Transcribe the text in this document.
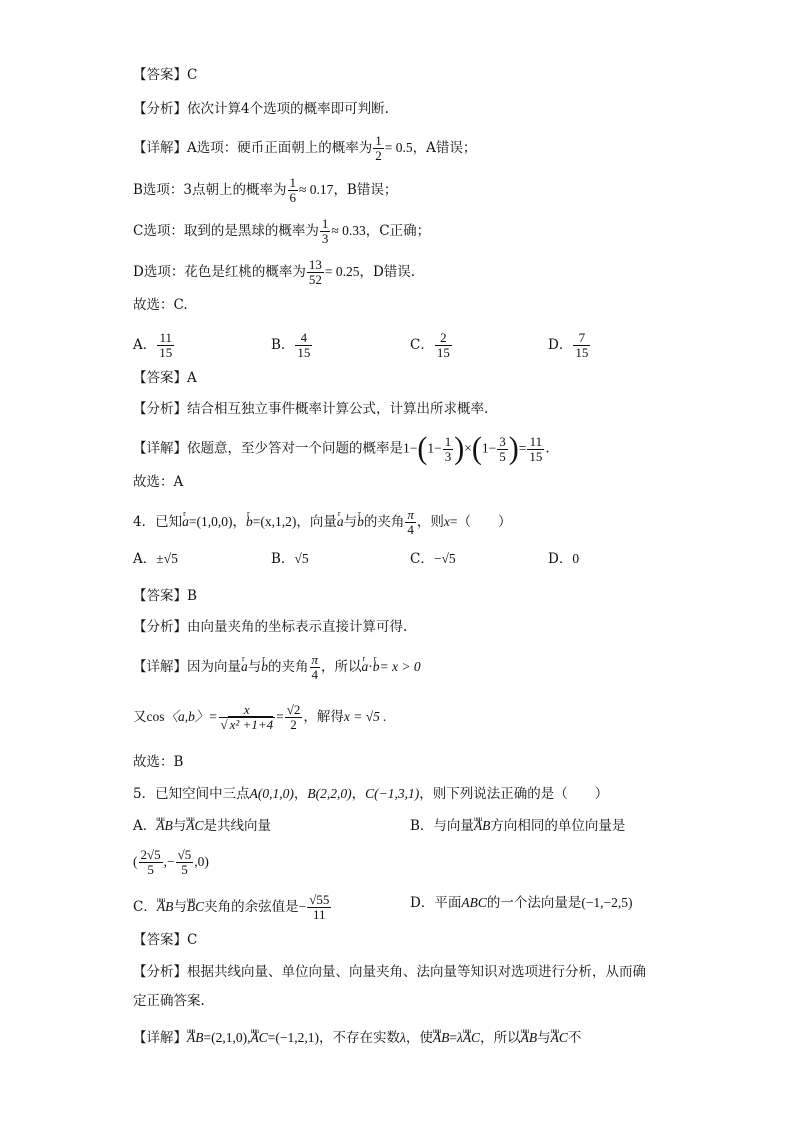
【答案】C
【分析】依次计算4个选项的概率即可判断.
【详解】A选项：硬币正面朝上的概率为 $\frac{1}{2} = 0.5$，A错误；
B选项：3点朝上的概率为 $\frac{1}{6} \approx 0.17$，B错误；
C选项：取到的是黑球的概率为 $\frac{1}{3} \approx 0.33$，C正确；
D选项：花色是红桃的概率为 $\frac{13}{52} = 0.25$，D错误.
故选：C.
A． $\frac{11}{15}$	B． $\frac{4}{15}$	C． $\frac{2}{15}$	D． $\frac{7}{15}$
【答案】A
【分析】结合相互独立事件概率计算公式，计算出所求概率.
【详解】依题意，至少答对一个问题的概率是$1-(1- \frac{1}{3} )\times(1- \frac{3}{5}$ )= $\frac{11}{15}$ .
故选：A
4．已知r a=(1,0,0)，r b=(x,1,2)，向量r a与r b的夹角 $\frac{\pi}{4}$ ，则x=（　　）
A．±√5	B．√5	C．−√5	D．0
【答案】B
【分析】由向量夹角的坐标表示直接计算可得.
【详解】因为向量r a与r b的夹角 $\frac{\pi}{4}$ ，所以r a·r b= x > 0
又cos〈a,b〉= $\frac{x}{\text{√ x² +1+4}} = \frac{√2}{2}$ ，解得x = √5 .
故选：B
5．已知空间中三点A(0,1,0)，B(2,2,0)，C(−1,3,1)，则下列说法正确的是（　　）
A．uuu AB与uuu AC是共线向量	B．与向量uuu AB方向相同的单位向量是
( $\frac{2√5}{5}$ ,− $\frac{√5}{5} ,0$)
C．uuu AB与uuu BC夹角的余弦值是− $\frac{√55}{11}$	D．平面ABC的一个法向量是(−1,−2,5)
【答案】C
【分析】根据共线向量、单位向量、向量夹角、法向量等知识对选项进行分析，从而确
定正确答案.
【详解】uuu AB=(2,1,0),uuu AC=(−1,2,1)，不存在实数λ，使uuu AB=λuuu AC，所以uuu AB与uuu AC不
